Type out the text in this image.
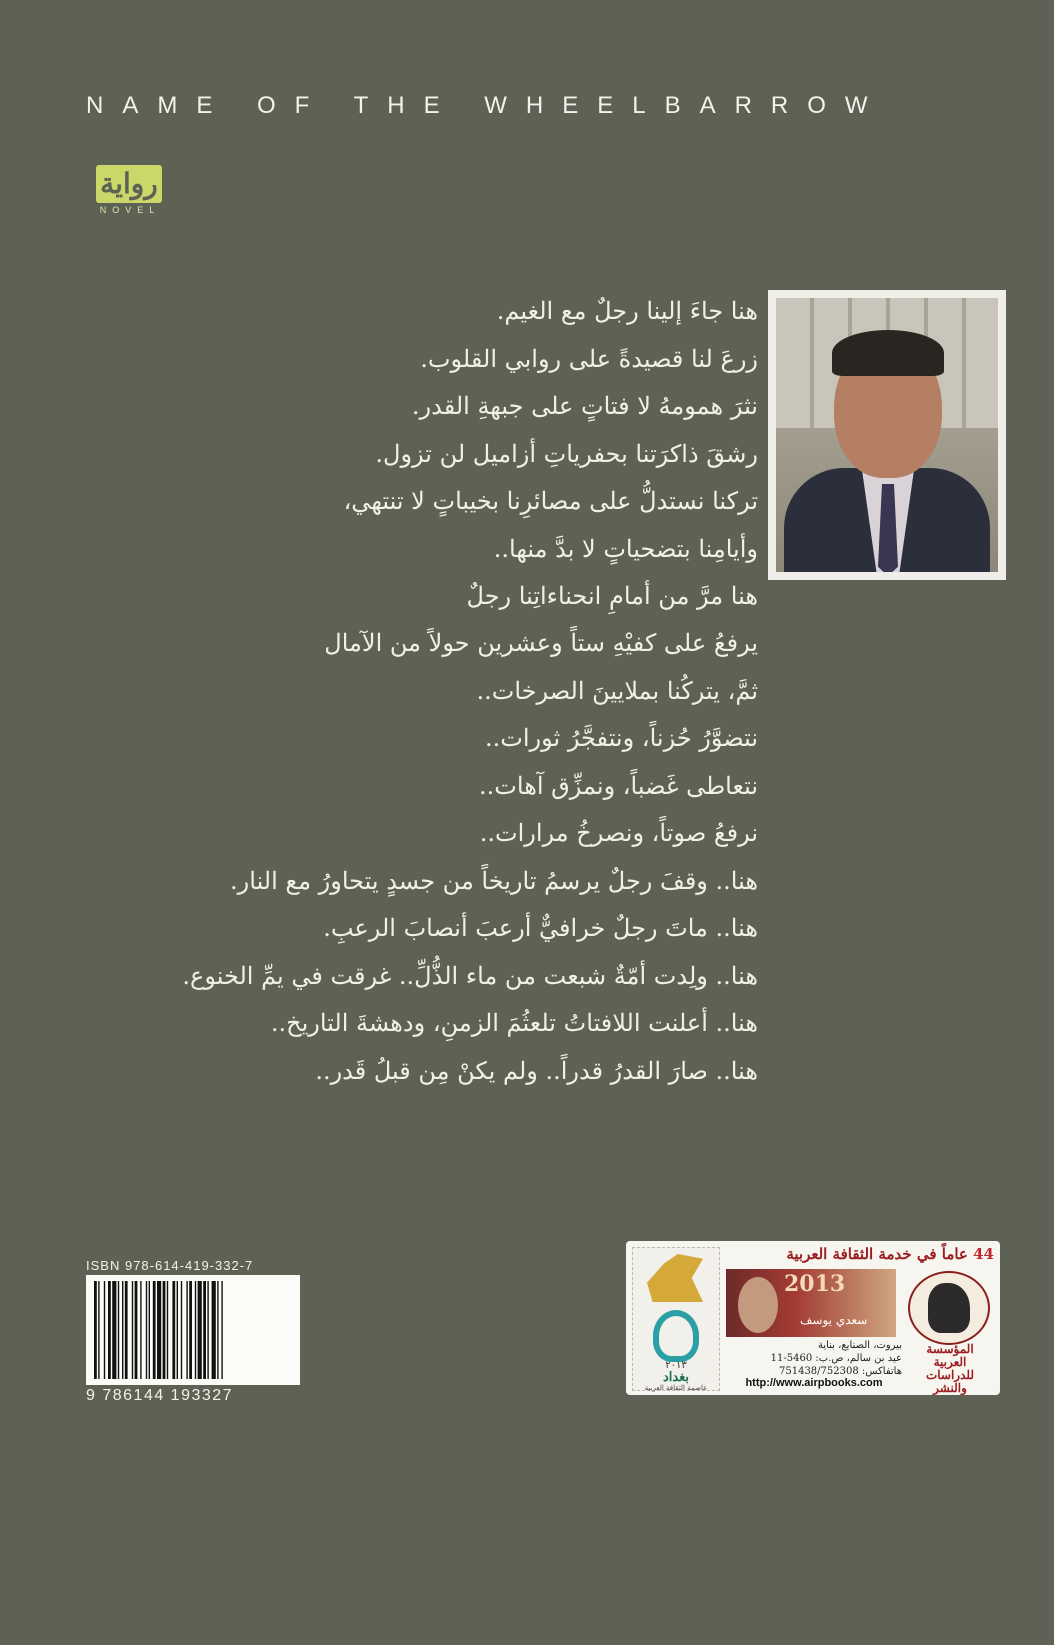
NAME OF THE WHEELBARROW
رواية
NOVEL
هنا جاءَ إلينا رجلٌ مع الغيم.
زرعَ لنا قصيدةً على روابي القلوب.
نثرَ همومهُ لا فتاتٍ على جبهةِ القدر.
رشقَ ذاكرَتنا بحفرياتِ أزاميل لن تزول.
تركنا نستدلُّ على مصائرِنا بخيباتٍ لا تنتهي،
وأيامِنا بتضحياتٍ لا بدَّ منها..
هنا مرَّ من أمامِ انحناءاتِنا رجلٌ
يرفعُ على كفيْهِ ستاً وعشرين حولاً من الآمال
ثمَّ، يتركُنا بملايينَ الصرخات..
نتضوَّرُ حُزناً، ونتفجَّرُ ثورات..
نتعاطى غَضباً، ونمزِّق آهات..
نرفعُ صوتاً، ونصرخُ مرارات..
هنا.. وقفَ رجلٌ يرسمُ تاريخاً من جسدٍ يتحاورُ مع النار.
هنا.. ماتَ رجلٌ خرافيٌّ أرعبَ أنصابَ الرعبِ.
هنا.. ولِدت أمّةٌ شبعت من ماء الذُّلِّ.. غرقت في يمِّ الخنوع.
هنا.. أعلنت اللافتاتُ تلعثُمَ الزمنِ، ودهشةَ التاريخ..
هنا.. صارَ القدرُ قدراً.. ولم يكنْ مِن قبلُ قَدر..
ISBN 978-614-419-332-7
9 786144 193327
٢٠١٣
بغداد
عاصمة الثقافة العربية
44 عاماً في خدمة الثقافة العربية
2013
سعدي يوسف
بيروت، الصنايع، بناية
عيد بن سالم، ص.ب: 5460-11
هاتفاكس: 751438/752308
http://www.airpbooks.com
المؤسسة العربية للدراسات والنشر
